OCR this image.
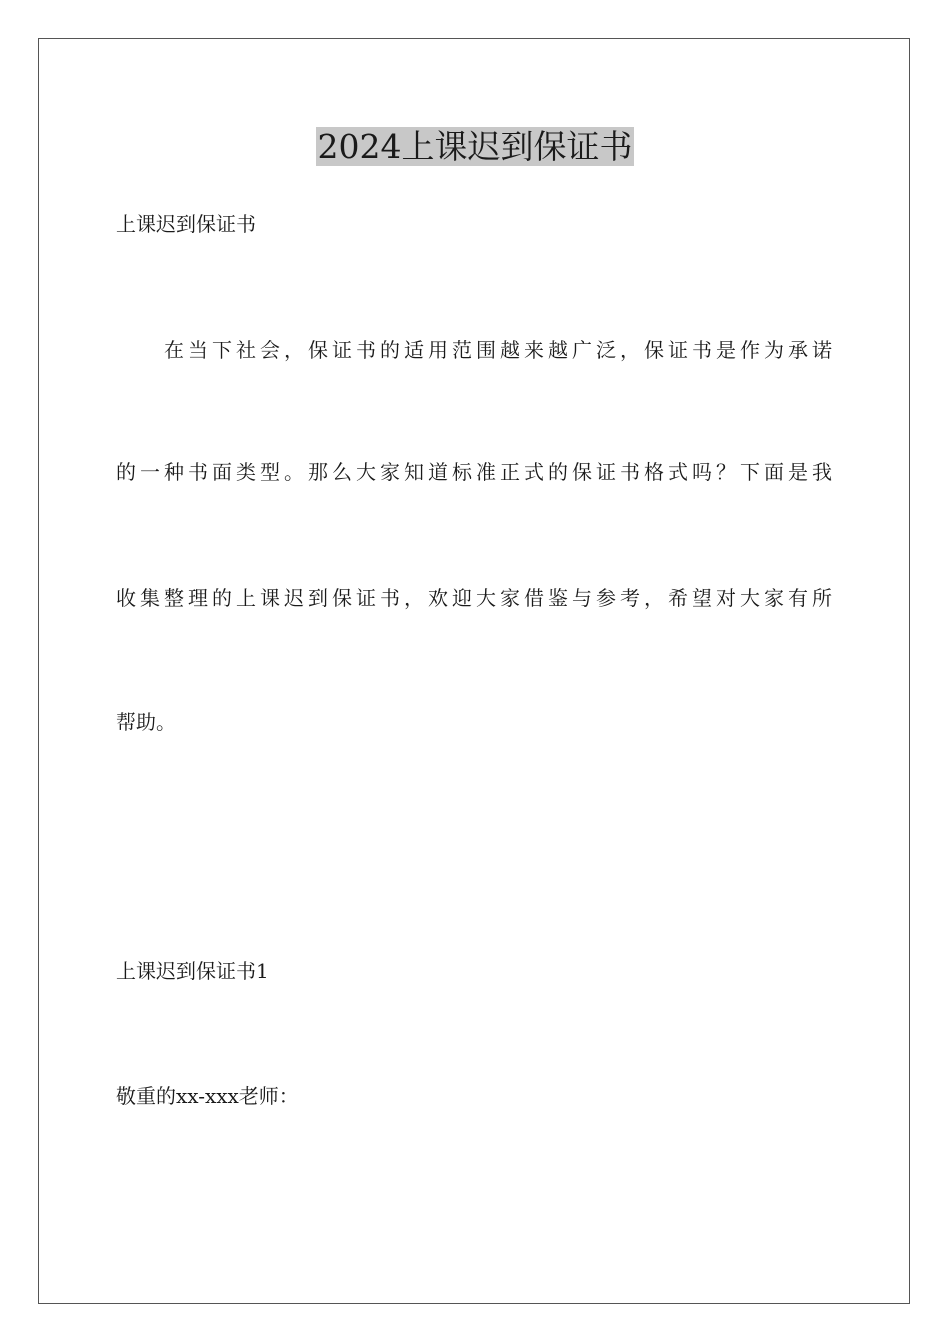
2024上课迟到保证书

上课迟到保证书

在当下社会，保证书的适用范围越来越广泛，保证书是作为承诺

的一种书面类型。那么大家知道标准正式的保证书格式吗？下面是我

收集整理的上课迟到保证书，欢迎大家借鉴与参考，希望对大家有所

帮助。

上课迟到保证书1

敬重的xx-xxx老师：
